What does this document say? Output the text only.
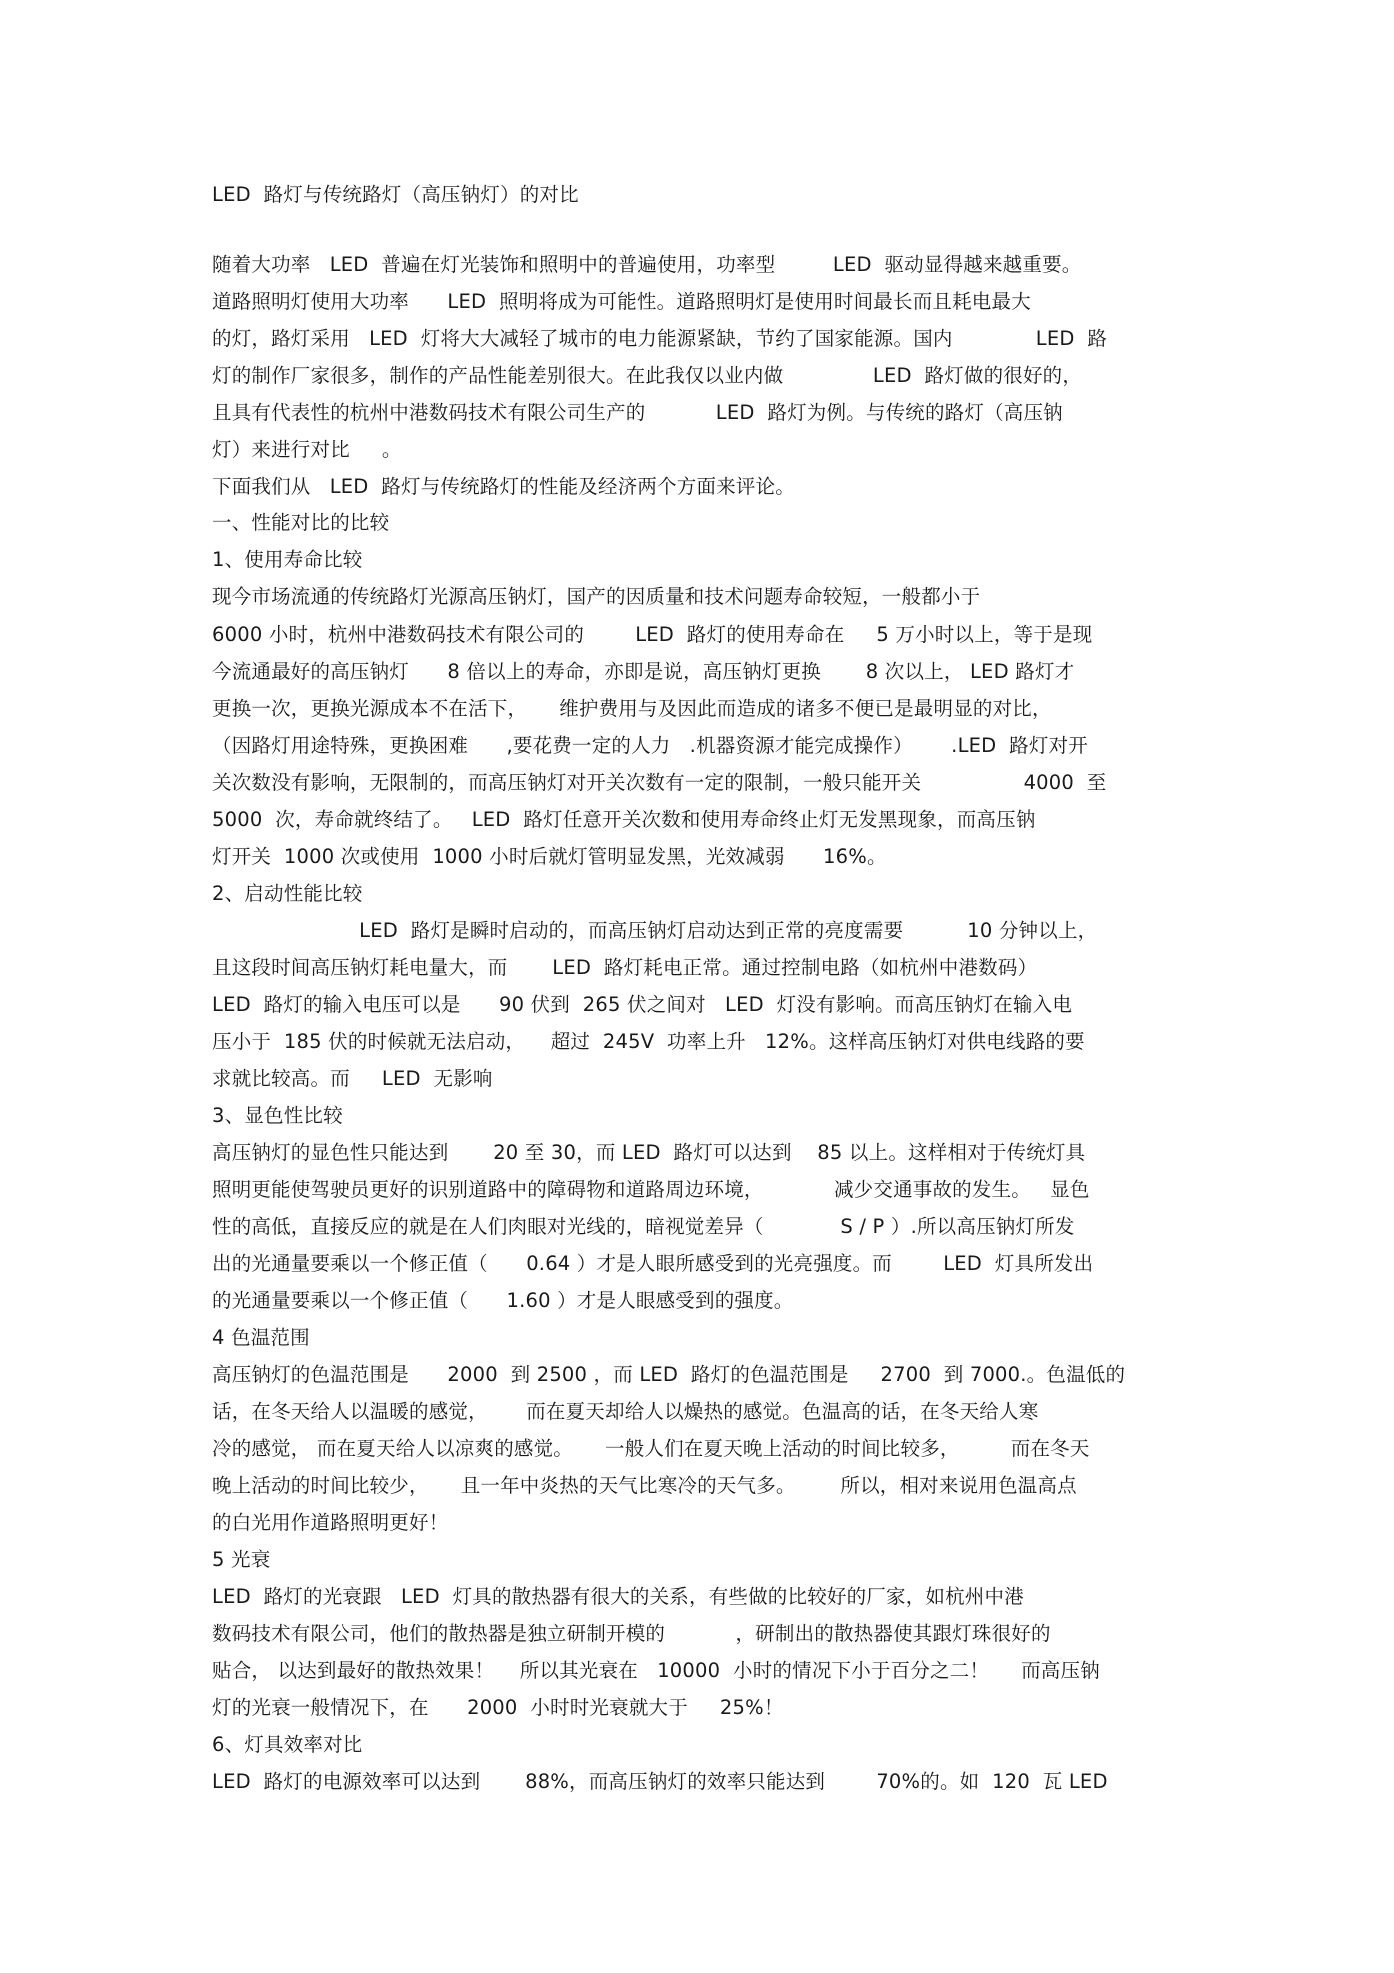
LED  路灯与传统路灯（高压钠灯）的对比
随着大功率   LED  普遍在灯光装饰和照明中的普遍使用，功率型         LED  驱动显得越来越重要。
道路照明灯使用大功率      LED  照明将成为可能性。道路照明灯是使用时间最长而且耗电最大
的灯，路灯采用   LED  灯将大大减轻了城市的电力能源紧缺，节约了国家能源。国内             LED  路
灯的制作厂家很多，制作的产品性能差别很大。在此我仅以业内做              LED  路灯做的很好的，
且具有代表性的杭州中港数码技术有限公司生产的           LED  路灯为例。与传统的路灯（高压钠
灯）来进行对比     。
下面我们从   LED  路灯与传统路灯的性能及经济两个方面来评论。
一、性能对比的比较
1、使用寿命比较
现今市场流通的传统路灯光源高压钠灯，国产的因质量和技术问题寿命较短，一般都小于
6000 小时，杭州中港数码技术有限公司的        LED  路灯的使用寿命在     5 万小时以上，等于是现
今流通最好的高压钠灯      8 倍以上的寿命，亦即是说，高压钠灯更换       8 次以上， LED 路灯才
更换一次，更换光源成本不在活下，     维护费用与及因此而造成的诸多不便已是最明显的对比，
（因路灯用途特殊，更换困难      ,要花费一定的人力   .机器资源才能完成操作）      .LED  路灯对开
关次数没有影响，无限制的，而高压钠灯对开关次数有一定的限制，一般只能开关                4000  至
5000  次，寿命就终结了。   LED  路灯任意开关次数和使用寿命终止灯无发黑现象，而高压钠
灯开关  1000 次或使用  1000 小时后就灯管明显发黑，光效减弱      16%。
2、启动性能比较
LED  路灯是瞬时启动的，而高压钠灯启动达到正常的亮度需要          10 分钟以上，
且这段时间高压钠灯耗电量大，而       LED  路灯耗电正常。通过控制电路（如杭州中港数码）
LED  路灯的输入电压可以是      90 伏到  265 伏之间对   LED  灯没有影响。而高压钠灯在输入电
压小于  185 伏的时候就无法启动，    超过  245V  功率上升   12%。这样高压钠灯对供电线路的要
求就比较高。而     LED  无影响
3、显色性比较
高压钠灯的显色性只能达到       20 至 30，而 LED  路灯可以达到    85 以上。这样相对于传统灯具
照明更能使驾驶员更好的识别道路中的障碍物和道路周边环境，           减少交通事故的发生。   显色
性的高低，直接反应的就是在人们肉眼对光线的，暗视觉差异（            S / P ）.所以高压钠灯所发
出的光通量要乘以一个修正值（      0.64 ）才是人眼所感受到的光亮强度。而        LED  灯具所发出
的光通量要乘以一个修正值（      1.60 ）才是人眼感受到的强度。
4 色温范围
高压钠灯的色温范围是      2000  到 2500 ，而 LED  路灯的色温范围是     2700  到 7000.。色温低的
话，在冬天给人以温暖的感觉，      而在夏天却给人以燥热的感觉。色温高的话，在冬天给人寒
冷的感觉， 而在夏天给人以凉爽的感觉。     一般人们在夏天晚上活动的时间比较多，        而在冬天
晚上活动的时间比较少，     且一年中炎热的天气比寒冷的天气多。       所以，相对来说用色温高点
的白光用作道路照明更好！
5 光衰
LED  路灯的光衰跟   LED  灯具的散热器有很大的关系，有些做的比较好的厂家，如杭州中港
数码技术有限公司，他们的散热器是独立研制开模的           ，研制出的散热器使其跟灯珠很好的
贴合， 以达到最好的散热效果！    所以其光衰在   10000  小时的情况下小于百分之二！     而高压钠
灯的光衰一般情况下，在      2000  小时时光衰就大于     25%！
6、灯具效率对比
LED  路灯的电源效率可以达到       88%，而高压钠灯的效率只能达到        70%的。如  120  瓦 LED
